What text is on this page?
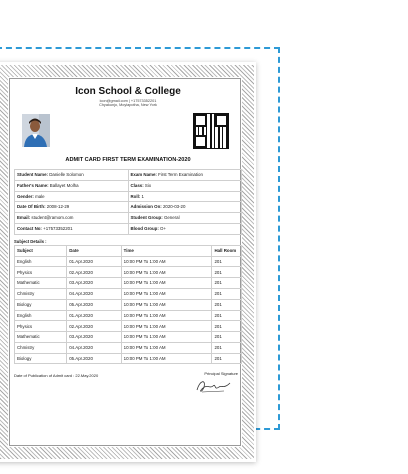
Icon School & College
icon@gmail.com | +17573352201
Chyakunjo, Moylapotha, New York
ADMIT CARD FIRST TERM EXAMINATION-2020
Student Name: Danielle Solomon	Exam Name: First Term Examination
Father's Name: Ballayet Molha	Class: Six
Gender: male	Roll: 1
Date Of Birth: 2008-12-29	Admission On: 2020-03-20
Email: student@ramom.com	Student Group: General
Contact No: +17573352201	Blood Group: O+
Subject Details :
Subject	Date	Time	Hall Room
English	01.Apr.2020	10:00 PM To 1:00 AM	201
Physics	02.Apr.2020	10:00 PM To 1:00 AM	201
Mathematic	03.Apr.2020	10:00 PM To 1:00 AM	201
Chmistry	04.Apr.2020	10:00 PM To 1:00 AM	201
Biology	05.Apr.2020	10:00 PM To 1:00 AM	201
English	01.Apr.2020	10:00 PM To 1:00 AM	201
Physics	02.Apr.2020	10:00 PM To 1:00 AM	201
Mathematic	03.Apr.2020	10:00 PM To 1:00 AM	201
Chmistry	04.Apr.2020	10:00 PM To 1:00 AM	201
Biology	05.Apr.2020	10:00 PM To 1:00 AM	201
Date of Publication of Admit card : 22.May.2020	Principal Signature
